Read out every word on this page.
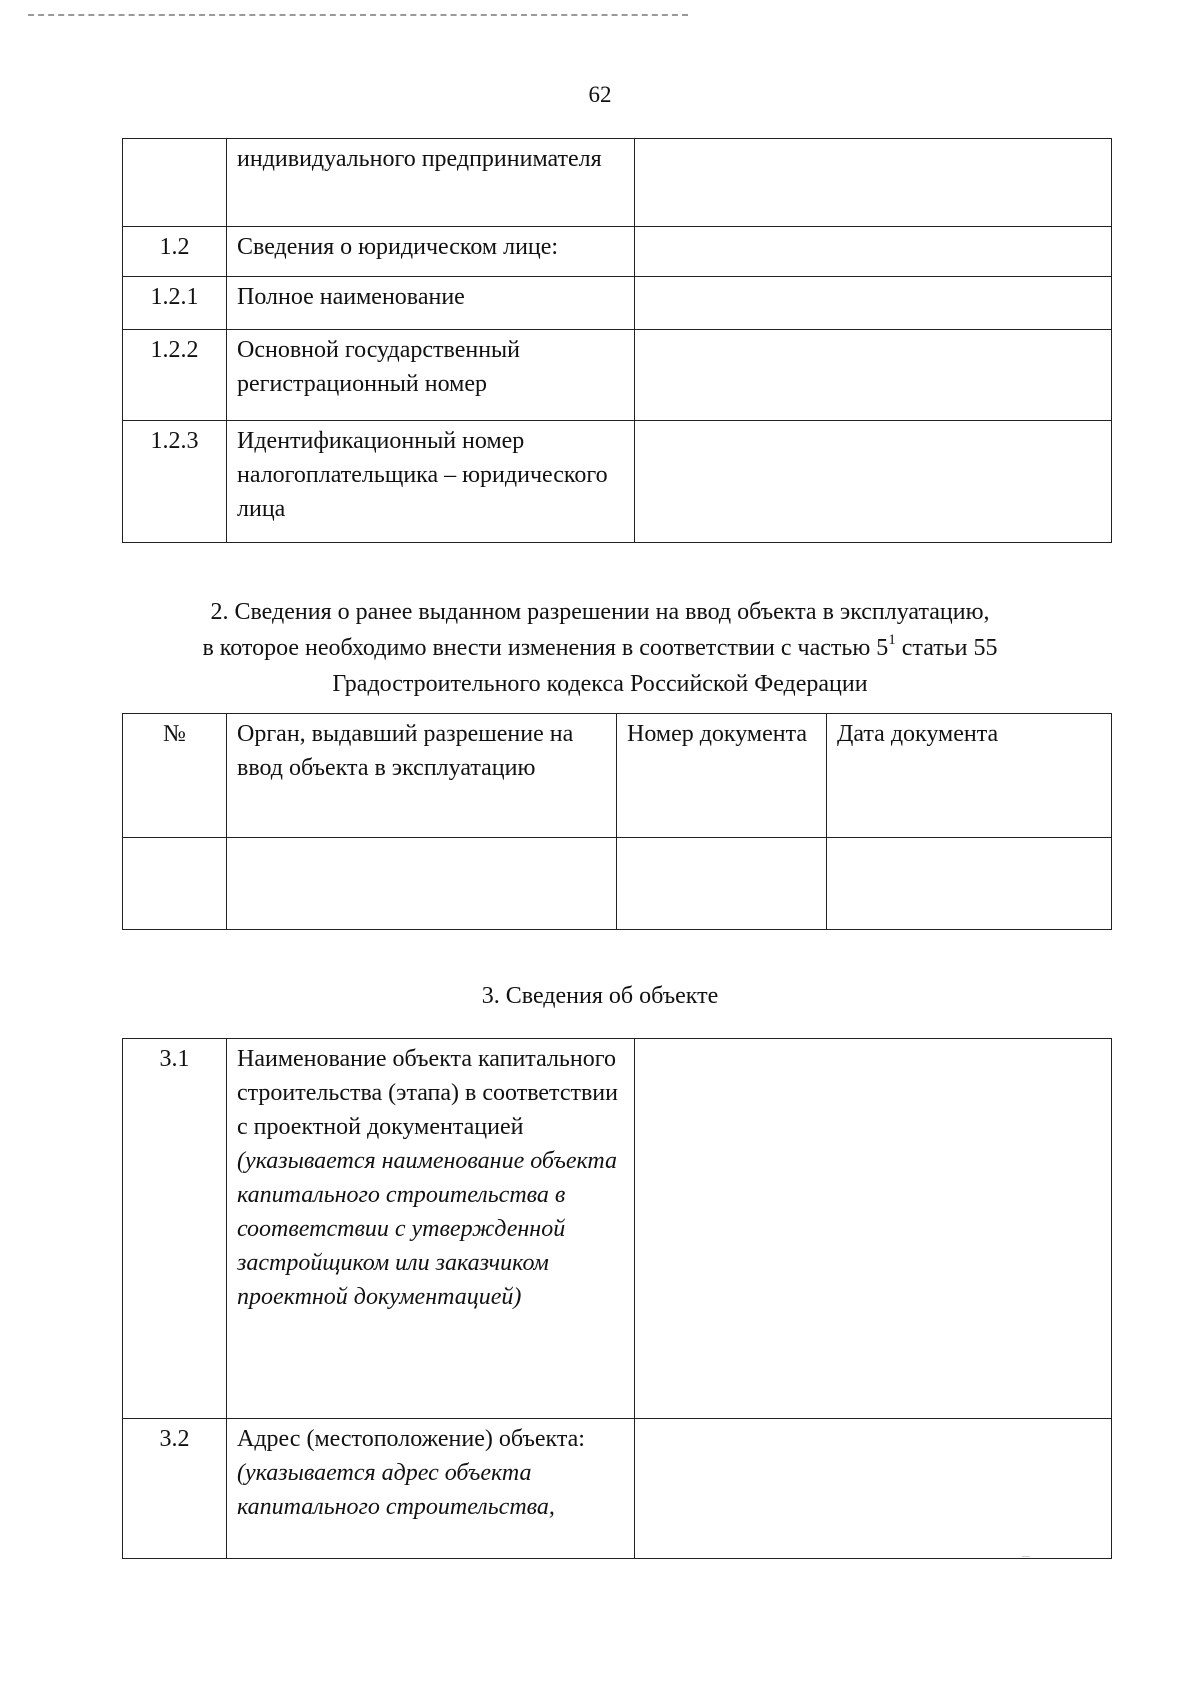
62
	индивидуального предпринимателя	
1.2	Сведения о юридическом лице:	
1.2.1	Полное наименование	
1.2.2	Основной государственный регистрационный номер	
1.2.3	Идентификационный номер налогоплательщика – юридического лица	
2. Сведения о ранее выданном разрешении на ввод объекта в эксплуатацию,
в которое необходимо внести изменения в соответствии с частью $5^1$ статьи 55
Градостроительного кодекса Российской Федерации
№	Орган, выдавший разрешение на ввод объекта в эксплуатацию	Номер документа	Дата документа

3. Сведения об объекте
3.1	Наименование объекта капитального строительства (этапа) в соответствии с проектной документацией
(указывается наименование объекта капитального строительства в соответствии с утвержденной застройщиком или заказчиком проектной документацией)	

3.2	Адрес (местоположение) объекта:
(указывается адрес объекта капитального строительства,	
